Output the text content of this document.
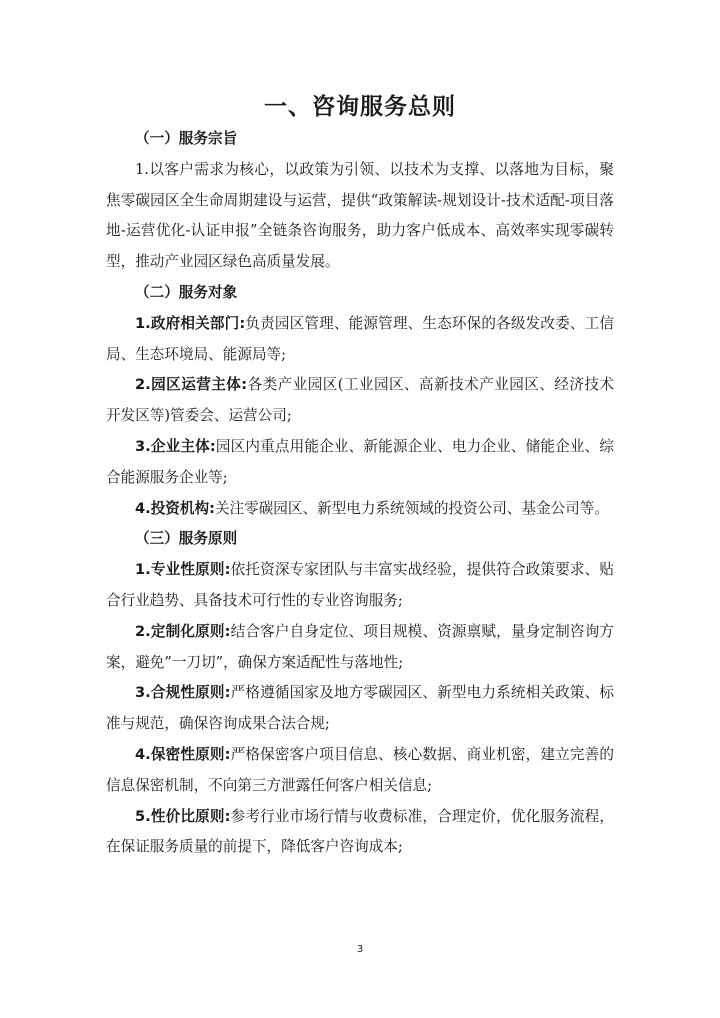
一、咨询服务总则
（一）服务宗旨

1.以客户需求为核心，以政策为引领、以技术为支撑、以落地为目标，聚焦零碳园区全生命周期建设与运营，提供“政策解读-规划设计-技术适配-项目落地-运营优化-认证申报”全链条咨询服务，助力客户低成本、高效率实现零碳转型，推动产业园区绿色高质量发展。

（二）服务对象

1.政府相关部门:负责园区管理、能源管理、生态环保的各级发改委、工信局、生态环境局、能源局等;

2.园区运营主体:各类产业园区(工业园区、高新技术产业园区、经济技术开发区等)管委会、运营公司;

3.企业主体:园区内重点用能企业、新能源企业、电力企业、储能企业、综合能源服务企业等;

4.投资机构:关注零碳园区、新型电力系统领域的投资公司、基金公司等。

（三）服务原则

1.专业性原则:依托资深专家团队与丰富实战经验，提供符合政策要求、贴合行业趋势、具备技术可行性的专业咨询服务;

2.定制化原则:结合客户自身定位、项目规模、资源禀赋，量身定制咨询方案，避免”一刀切”，确保方案适配性与落地性;

3.合规性原则:严格遵循国家及地方零碳园区、新型电力系统相关政策、标准与规范，确保咨询成果合法合规;

4.保密性原则:严格保密客户项目信息、核心数据、商业机密，建立完善的信息保密机制，不向第三方泄露任何客户相关信息;

5.性价比原则:参考行业市场行情与收费标准，合理定价，优化服务流程，在保证服务质量的前提下，降低客户咨询成本;

3
